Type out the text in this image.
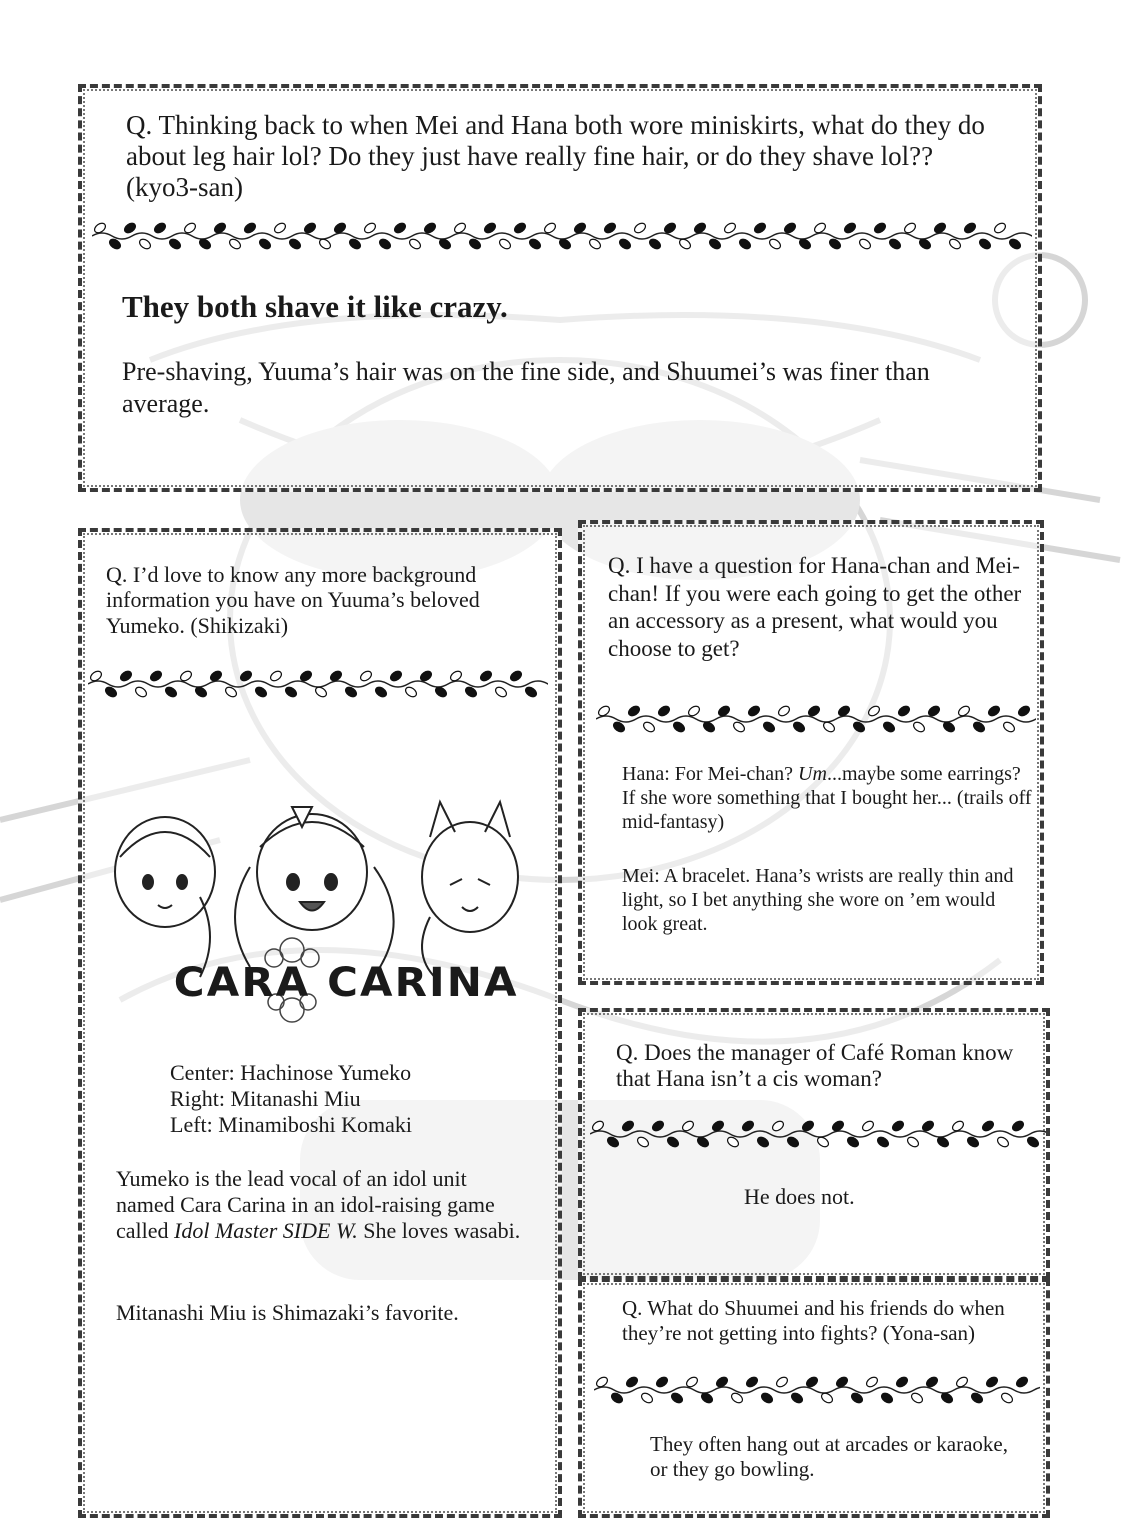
Q. Thinking back to when Mei and Hana both wore miniskirts, what do they do about leg hair lol? Do they just have really fine hair, or do they shave lol?? (kyo3-san)

They both shave it like crazy.

Pre-shaving, Yuuma’s hair was on the fine side, and Shuumei’s was finer than average.

Q. I’d love to know any more background information you have on Yuuma’s beloved Yumeko. (Shikizaki)

CARA CARINA

Center: Hachinose Yumeko

Right: Mitanashi Miu

Left: Minamiboshi Komaki

Yumeko is the lead vocal of an idol unit named Cara Carina in an idol-raising game called Idol Master SIDE W. She loves wasabi.

Mitanashi Miu is Shimazaki’s favorite.

Q. I have a question for Hana-chan and Mei-chan! If you were each going to get the other an accessory as a present, what would you choose to get?

Hana: For Mei-chan? Um...maybe some earrings? If she wore something that I bought her... (trails off mid-fantasy)

Mei: A bracelet. Hana’s wrists are really thin and light, so I bet anything she wore on ’em would look great.

Q. Does the manager of Café Roman know that Hana isn’t a cis woman?

He does not.

Q. What do Shuumei and his friends do when they’re not getting into fights? (Yona-san)

They often hang out at arcades or karaoke, or they go bowling.
